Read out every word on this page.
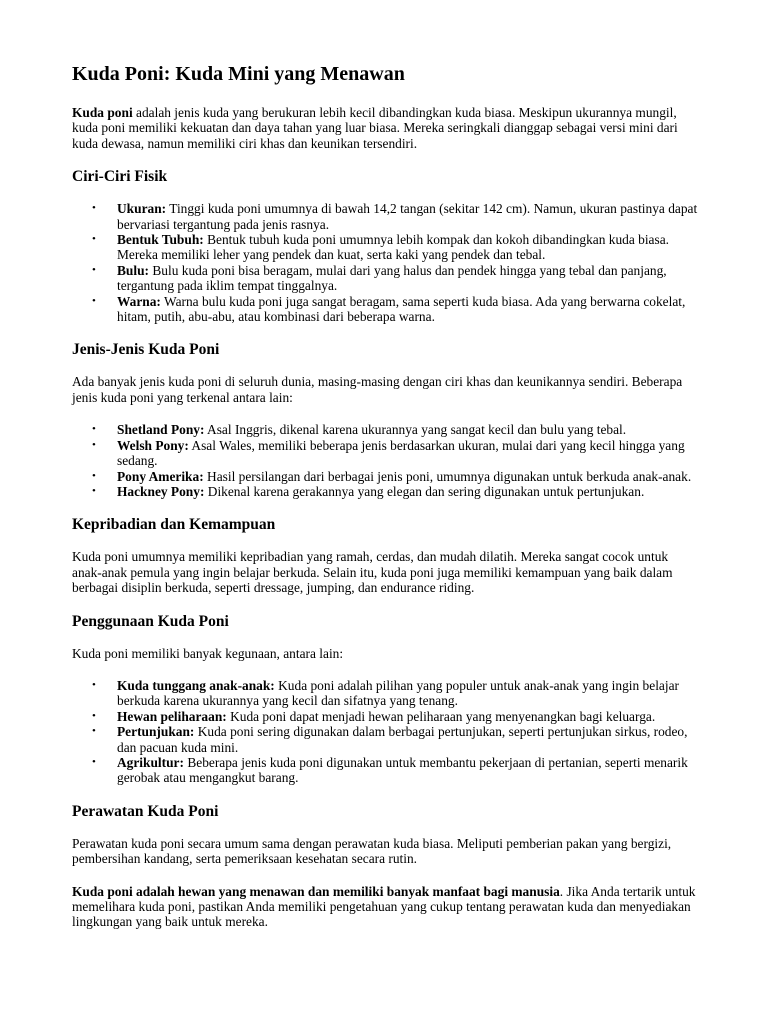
Kuda Poni: Kuda Mini yang Menawan

Kuda poni adalah jenis kuda yang berukuran lebih kecil dibandingkan kuda biasa. Meskipun ukurannya mungil, kuda poni memiliki kekuatan dan daya tahan yang luar biasa. Mereka seringkali dianggap sebagai versi mini dari kuda dewasa, namun memiliki ciri khas dan keunikan tersendiri.

Ciri-Ciri Fisik
• Ukuran: Tinggi kuda poni umumnya di bawah 14,2 tangan (sekitar 142 cm). Namun, ukuran pastinya dapat bervariasi tergantung pada jenis rasnya.
• Bentuk Tubuh: Bentuk tubuh kuda poni umumnya lebih kompak dan kokoh dibandingkan kuda biasa. Mereka memiliki leher yang pendek dan kuat, serta kaki yang pendek dan tebal.
• Bulu: Bulu kuda poni bisa beragam, mulai dari yang halus dan pendek hingga yang tebal dan panjang, tergantung pada iklim tempat tinggalnya.
• Warna: Warna bulu kuda poni juga sangat beragam, sama seperti kuda biasa. Ada yang berwarna cokelat, hitam, putih, abu-abu, atau kombinasi dari beberapa warna.
Jenis-Jenis Kuda Poni

Ada banyak jenis kuda poni di seluruh dunia, masing-masing dengan ciri khas dan keunikannya sendiri. Beberapa jenis kuda poni yang terkenal antara lain:

• Shetland Pony: Asal Inggris, dikenal karena ukurannya yang sangat kecil dan bulu yang tebal.
• Welsh Pony: Asal Wales, memiliki beberapa jenis berdasarkan ukuran, mulai dari yang kecil hingga yang sedang.
• Pony Amerika: Hasil persilangan dari berbagai jenis poni, umumnya digunakan untuk berkuda anak-anak.
• Hackney Pony: Dikenal karena gerakannya yang elegan dan sering digunakan untuk pertunjukan.
Kepribadian dan Kemampuan

Kuda poni umumnya memiliki kepribadian yang ramah, cerdas, dan mudah dilatih. Mereka sangat cocok untuk anak-anak pemula yang ingin belajar berkuda. Selain itu, kuda poni juga memiliki kemampuan yang baik dalam berbagai disiplin berkuda, seperti dressage, jumping, dan endurance riding.

Penggunaan Kuda Poni

Kuda poni memiliki banyak kegunaan, antara lain:

• Kuda tunggang anak-anak: Kuda poni adalah pilihan yang populer untuk anak-anak yang ingin belajar berkuda karena ukurannya yang kecil dan sifatnya yang tenang.
• Hewan peliharaan: Kuda poni dapat menjadi hewan peliharaan yang menyenangkan bagi keluarga.
• Pertunjukan: Kuda poni sering digunakan dalam berbagai pertunjukan, seperti pertunjukan sirkus, rodeo, dan pacuan kuda mini.
• Agrikultur: Beberapa jenis kuda poni digunakan untuk membantu pekerjaan di pertanian, seperti menarik gerobak atau mengangkut barang.
Perawatan Kuda Poni

Perawatan kuda poni secara umum sama dengan perawatan kuda biasa. Meliputi pemberian pakan yang bergizi, pembersihan kandang, serta pemeriksaan kesehatan secara rutin.

Kuda poni adalah hewan yang menawan dan memiliki banyak manfaat bagi manusia. Jika Anda tertarik untuk memelihara kuda poni, pastikan Anda memiliki pengetahuan yang cukup tentang perawatan kuda dan menyediakan lingkungan yang baik untuk mereka.
